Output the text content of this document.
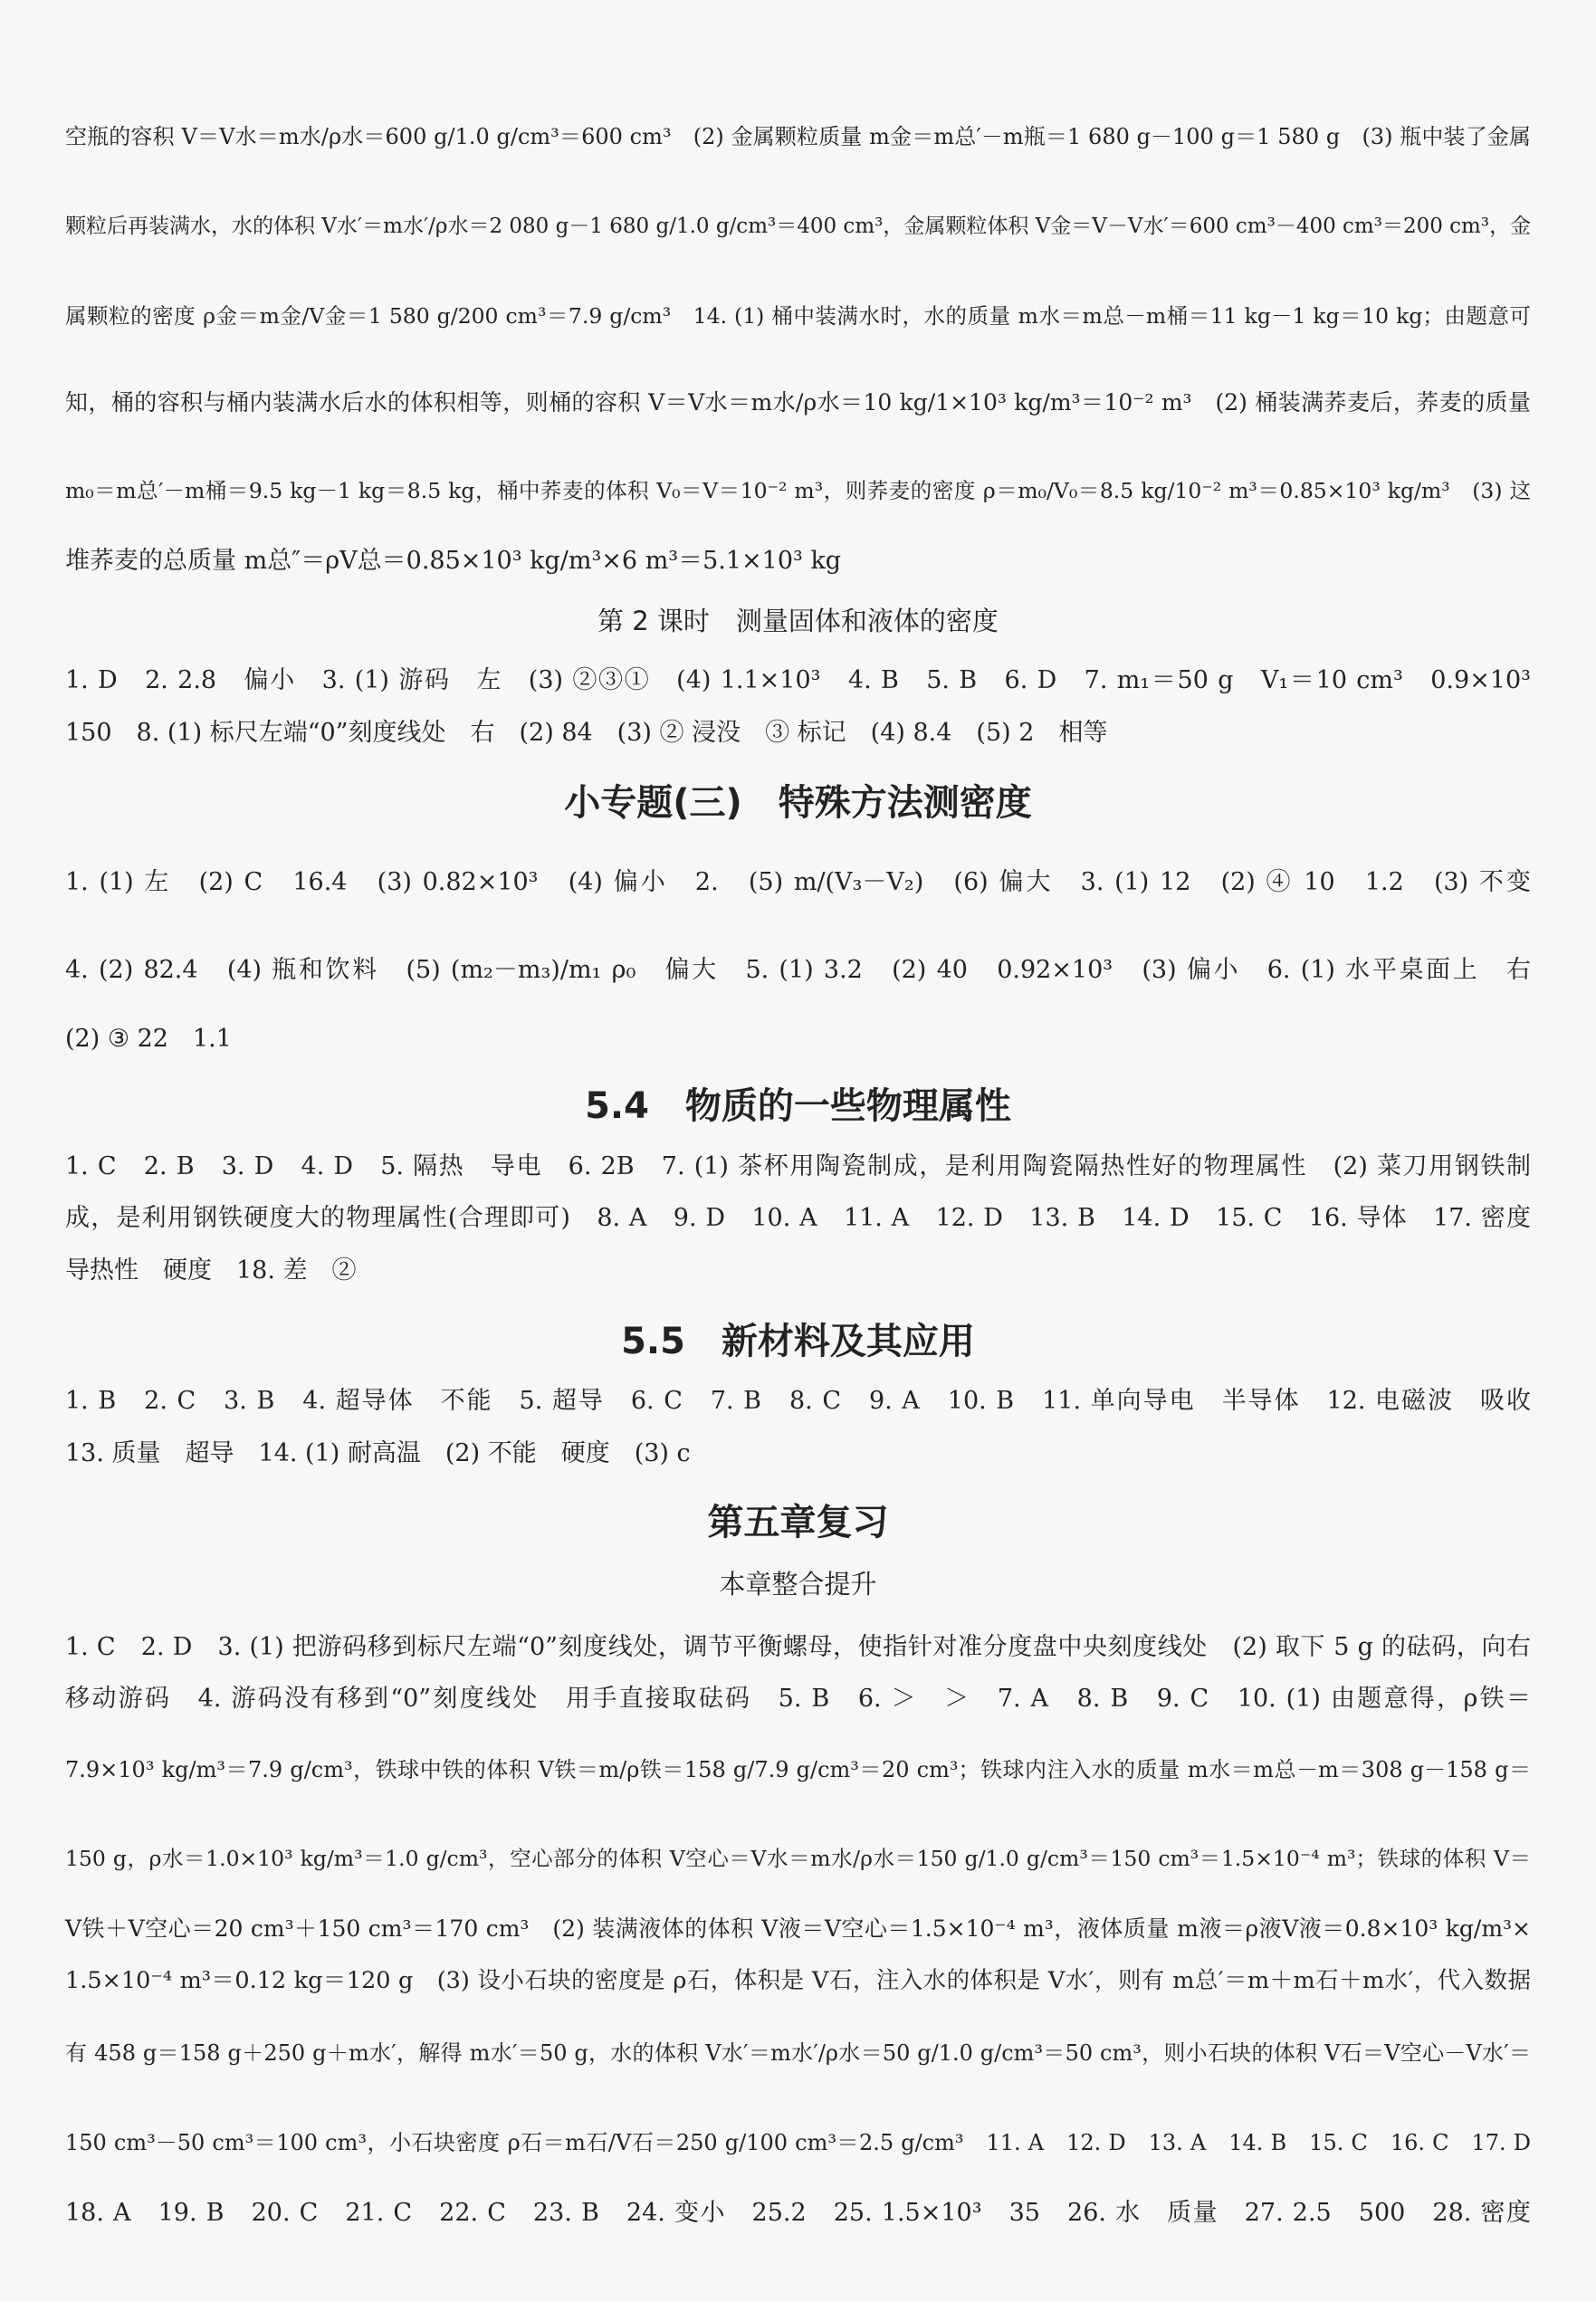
空瓶的容积 V＝V水＝m水/ρ水＝600 g/1.0 g/cm³＝600 cm³　(2) 金属颗粒质量 m金＝m总′－m瓶＝1 680 g－100 g＝1 580 g　(3) 瓶中装了金属
颗粒后再装满水，水的体积 V水′＝m水′/ρ水＝2 080 g－1 680 g/1.0 g/cm³＝400 cm³，金属颗粒体积 V金＝V－V水′＝600 cm³－400 cm³＝200 cm³，金
属颗粒的密度 ρ金＝m金/V金＝1 580 g/200 cm³＝7.9 g/cm³　14. (1) 桶中装满水时，水的质量 m水＝m总－m桶＝11 kg－1 kg＝10 kg；由题意可
知，桶的容积与桶内装满水后水的体积相等，则桶的容积 V＝V水＝m水/ρ水＝10 kg/1×10³ kg/m³＝10⁻² m³　(2) 桶装满荞麦后，荞麦的质量
m₀＝m总′－m桶＝9.5 kg－1 kg＝8.5 kg，桶中荞麦的体积 V₀＝V＝10⁻² m³，则荞麦的密度 ρ＝m₀/V₀＝8.5 kg/10⁻² m³＝0.85×10³ kg/m³　(3) 这
堆荞麦的总质量 m总″＝ρV总＝0.85×10³ kg/m³×6 m³＝5.1×10³ kg
第 2 课时　测量固体和液体的密度
1. D　2. 2.8　偏小　3. (1) 游码　左　(3) ②③①　(4) 1.1×10³　4. B　5. B　6. D　7. m₁＝50 g　V₁＝10 cm³　0.9×10³
150　8. (1) 标尺左端“0”刻度线处　右　(2) 84　(3) ② 浸没　③ 标记　(4) 8.4　(5) 2　相等
小专题(三)　特殊方法测密度
1. (1) 左　(2) C　16.4　(3) 0.82×10³　(4) 偏小　2.　(5) m/(V₃－V₂)　(6) 偏大　3. (1) 12　(2) ④ 10　1.2　(3) 不变
4. (2) 82.4　(4) 瓶和饮料　(5) (m₂－m₃)/m₁ ρ₀　偏大　5. (1) 3.2　(2) 40　0.92×10³　(3) 偏小　6. (1) 水平桌面上　右
(2) ③ 22　1.1
5.4　物质的一些物理属性
1. C　2. B　3. D　4. D　5. 隔热　导电　6. 2B　7. (1) 茶杯用陶瓷制成，是利用陶瓷隔热性好的物理属性　(2) 菜刀用钢铁制
成，是利用钢铁硬度大的物理属性(合理即可)　8. A　9. D　10. A　11. A　12. D　13. B　14. D　15. C　16. 导体　17. 密度
导热性　硬度　18. 差　②
5.5　新材料及其应用
1. B　2. C　3. B　4. 超导体　不能　5. 超导　6. C　7. B　8. C　9. A　10. B　11. 单向导电　半导体　12. 电磁波　吸收
13. 质量　超导　14. (1) 耐高温　(2) 不能　硬度　(3) c
第五章复习
本章整合提升
1. C　2. D　3. (1) 把游码移到标尺左端“0”刻度线处，调节平衡螺母，使指针对准分度盘中央刻度线处　(2) 取下 5 g 的砝码，向右
移动游码　4. 游码没有移到“0”刻度线处　用手直接取砝码　5. B　6. ＞　＞　7. A　8. B　9. C　10. (1) 由题意得，ρ铁＝
7.9×10³ kg/m³＝7.9 g/cm³，铁球中铁的体积 V铁＝m/ρ铁＝158 g/7.9 g/cm³＝20 cm³；铁球内注入水的质量 m水＝m总－m＝308 g－158 g＝
150 g，ρ水＝1.0×10³ kg/m³＝1.0 g/cm³，空心部分的体积 V空心＝V水＝m水/ρ水＝150 g/1.0 g/cm³＝150 cm³＝1.5×10⁻⁴ m³；铁球的体积 V＝
V铁＋V空心＝20 cm³＋150 cm³＝170 cm³　(2) 装满液体的体积 V液＝V空心＝1.5×10⁻⁴ m³，液体质量 m液＝ρ液V液＝0.8×10³ kg/m³×
1.5×10⁻⁴ m³＝0.12 kg＝120 g　(3) 设小石块的密度是 ρ石，体积是 V石，注入水的体积是 V水′，则有 m总′＝m＋m石＋m水′，代入数据
有 458 g＝158 g＋250 g＋m水′，解得 m水′＝50 g，水的体积 V水′＝m水′/ρ水＝50 g/1.0 g/cm³＝50 cm³，则小石块的体积 V石＝V空心－V水′＝
150 cm³－50 cm³＝100 cm³，小石块密度 ρ石＝m石/V石＝250 g/100 cm³＝2.5 g/cm³　11. A　12. D　13. A　14. B　15. C　16. C　17. D
18. A　19. B　20. C　21. C　22. C　23. B　24. 变小　25.2　25. 1.5×10³　35　26. 水　质量　27. 2.5　500　28. 密度
